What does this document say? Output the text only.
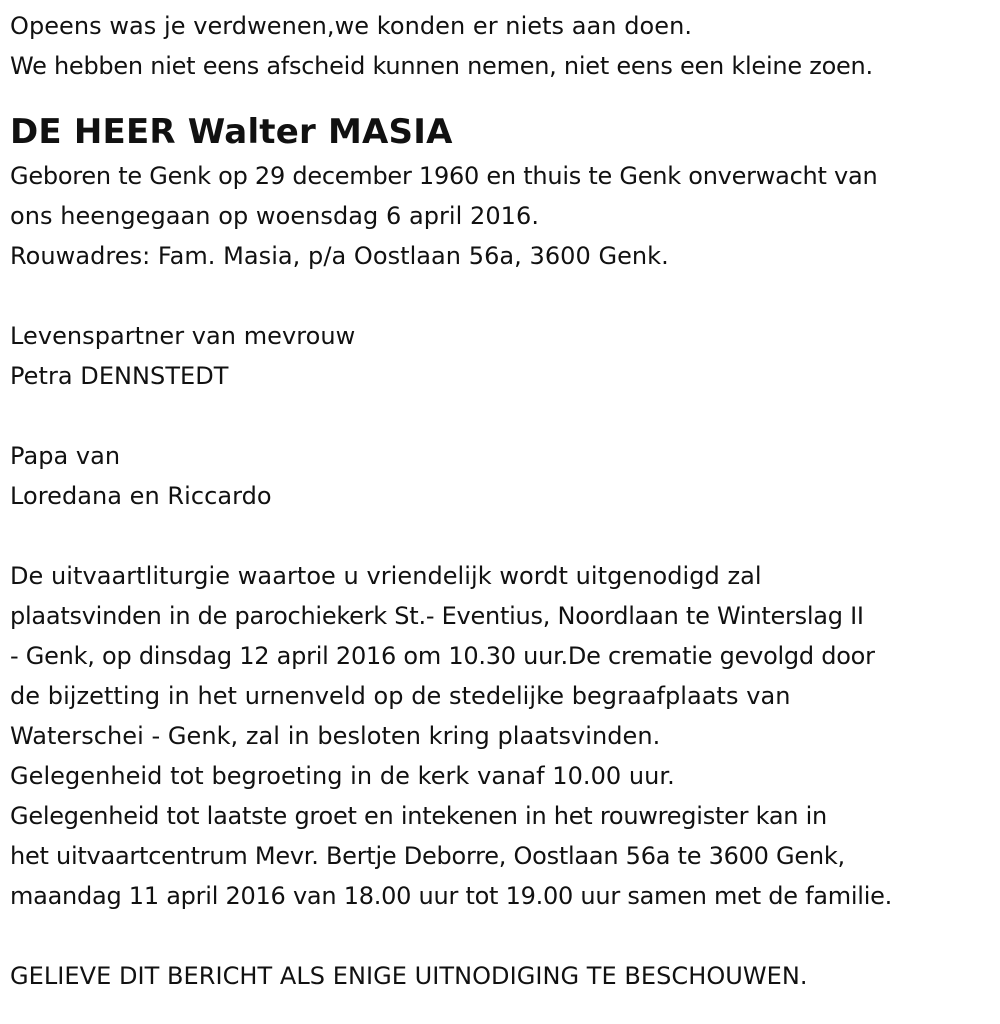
Opeens was je verdwenen,we konden er niets aan doen.
We hebben niet eens afscheid kunnen nemen, niet eens een kleine zoen.
DE HEER Walter MASIA
Geboren te Genk op 29 december 1960 en thuis te Genk onverwacht van
ons heengegaan op woensdag 6 april 2016.
Rouwadres: Fam. Masia, p/a Oostlaan 56a, 3600 Genk.
Levenspartner van mevrouw
Petra DENNSTEDT
Papa van
Loredana en Riccardo
De uitvaartliturgie waartoe u vriendelijk wordt uitgenodigd zal
plaatsvinden in de parochiekerk St.- Eventius, Noordlaan te Winterslag II
- Genk, op dinsdag 12 april 2016 om 10.30 uur.De crematie gevolgd door
de bijzetting in het urnenveld op de stedelijke begraafplaats van
Waterschei - Genk, zal in besloten kring plaatsvinden.
Gelegenheid tot begroeting in de kerk vanaf 10.00 uur.
Gelegenheid tot laatste groet en intekenen in het rouwregister kan in
het uitvaartcentrum Mevr. Bertje Deborre, Oostlaan 56a te 3600 Genk,
maandag 11 april 2016 van 18.00 uur tot 19.00 uur samen met de familie.
GELIEVE DIT BERICHT ALS ENIGE UITNODIGING TE BESCHOUWEN.
